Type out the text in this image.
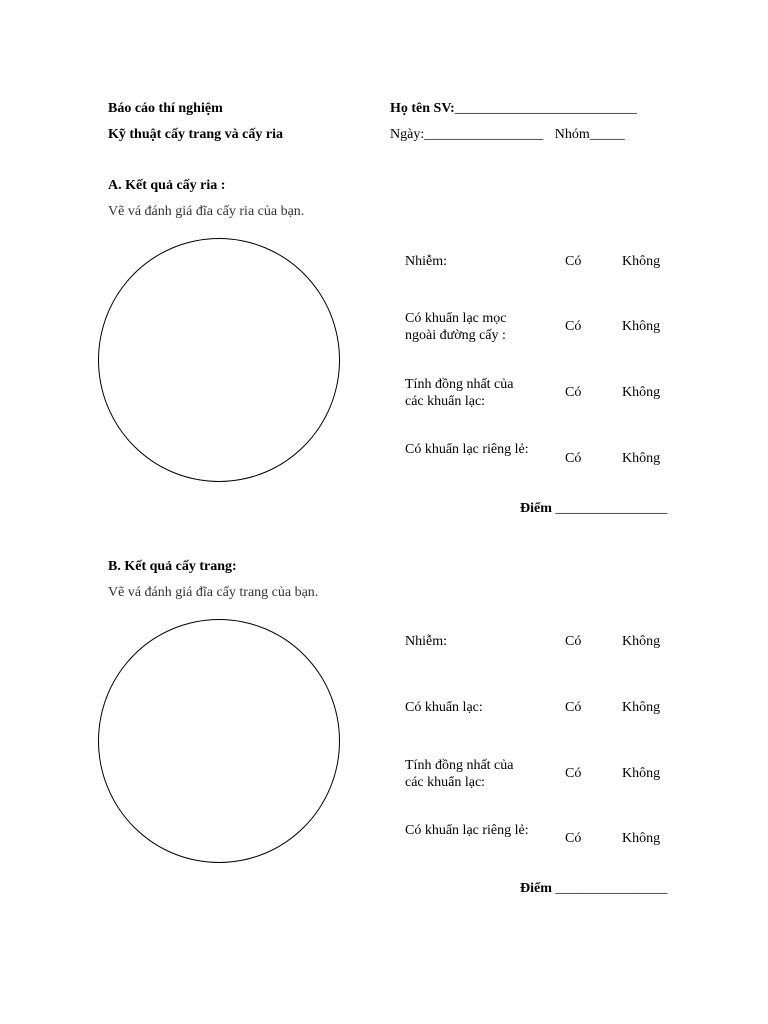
Báo cáo thí nghiệm
Kỹ thuật cấy trang và cấy ria
Họ tên SV:__________________________
Ngày:_________________ Nhóm_____
A. Kết quả cấy ria :
Vẽ vá đánh giá đĩa cấy ria của bạn.
Nhiễm:	Có	Không
Có khuẩn lạc mọc ngoài đường cấy :
Có	Không
Tính đồng nhất của các khuẩn lạc:
Có	Không
Có khuẩn lạc riêng lẻ:
Có	Không
Điểm ________________
B. Kết quả cấy trang:
Vẽ vá đánh giá đĩa cấy trang của bạn.
Nhiễm:	Có	Không
Có khuẩn lạc:	Có	Không
Tính đồng nhất của các khuẩn lạc:
Có	Không
Có khuẩn lạc riêng lẻ:
Có	Không
Điểm ________________
